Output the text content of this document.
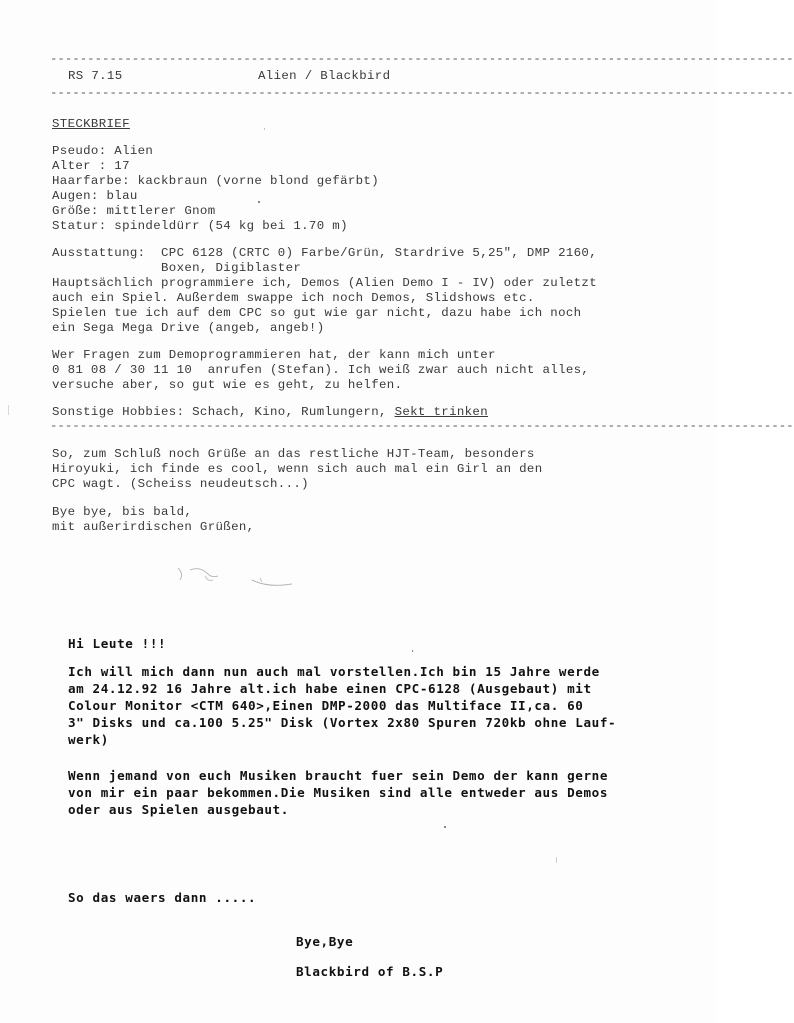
----------------------------------------------------------------------------------------------------
RS 7.15	Alien / Blackbird
----------------------------------------------------------------------------------------------------
STECKBRIEF
Pseudo: Alien
Alter : 17
Haarfarbe: kackbraun (vorne blond gefärbt)
Augen: blau
Größe: mittlerer Gnom
Statur: spindeldürr (54 kg bei 1.70 m)
Ausstattung:  CPC 6128 (CRTC 0) Farbe/Grün, Stardrive 5,25", DMP 2160,
Boxen, Digiblaster
Hauptsächlich programmiere ich, Demos (Alien Demo I - IV) oder zuletzt
auch ein Spiel. Außerdem swappe ich noch Demos, Slidshows etc.
Spielen tue ich auf dem CPC so gut wie gar nicht, dazu habe ich noch
ein Sega Mega Drive (angeb, angeb!)
Wer Fragen zum Demoprogrammieren hat, der kann mich unter
0 81 08 / 30 11 10  anrufen (Stefan). Ich weiß zwar auch nicht alles,
versuche aber, so gut wie es geht, zu helfen.
Sonstige Hobbies: Schach, Kino, Rumlungern, Sekt trinken
----------------------------------------------------------------------------------------------------
So, zum Schluß noch Grüße an das restliche HJT-Team, besonders
Hiroyuki, ich finde es cool, wenn sich auch mal ein Girl an den
CPC wagt. (Scheiss neudeutsch...)
Bye bye, bis bald,
mit außerirdischen Grüßen,
Hi Leute !!!
Ich will mich dann nun auch mal vorstellen.Ich bin 15 Jahre werde
am 24.12.92 16 Jahre alt.ich habe einen CPC-6128 (Ausgebaut) mit
Colour Monitor <CTM 640>,Einen DMP-2000 das Multiface II,ca. 60
3" Disks und ca.100 5.25" Disk (Vortex 2x80 Spuren 720kb ohne Lauf-
werk)
Wenn jemand von euch Musiken braucht fuer sein Demo der kann gerne
von mir ein paar bekommen.Die Musiken sind alle entweder aus Demos
oder aus Spielen ausgebaut.
So das waers dann .....
Bye,Bye
Blackbird of B.S.P
